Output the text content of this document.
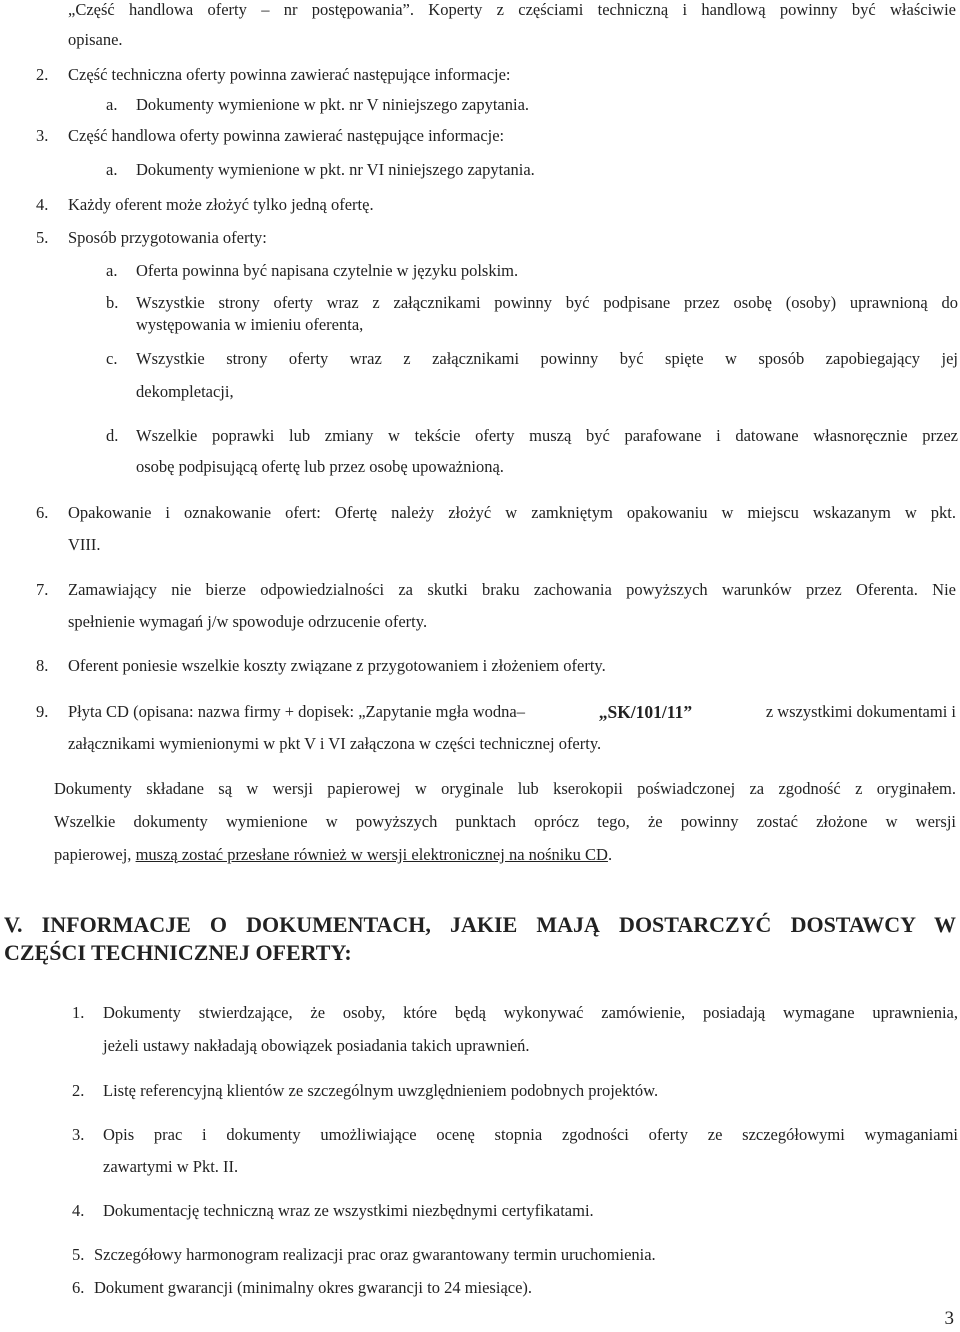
„Część handlowa oferty – nr postępowania”. Koperty z częściami techniczną i handlową powinny być właściwie
opisane.
2. Część techniczna oferty powinna zawierać następujące informacje:
a. Dokumenty wymienione w pkt. nr V niniejszego zapytania.
3. Część handlowa oferty powinna zawierać następujące informacje:
a. Dokumenty wymienione w pkt. nr VI niniejszego zapytania.
4. Każdy oferent może złożyć tylko jedną ofertę.
5. Sposób przygotowania oferty:
a. Oferta powinna być napisana czytelnie w języku polskim.
b. Wszystkie strony oferty wraz z załącznikami powinny być podpisane przez osobę (osoby) uprawnioną do
występowania w imieniu oferenta,
c. Wszystkie strony oferty wraz z załącznikami powinny być spięte w sposób zapobiegający jej
dekompletacji,
d. Wszelkie poprawki lub zmiany w tekście oferty muszą być parafowane i datowane własnoręcznie przez
osobę podpisującą ofertę lub przez osobę upoważnioną.
6. Opakowanie i oznakowanie ofert: Ofertę należy złożyć w zamkniętym opakowaniu w miejscu wskazanym w pkt.
VIII.
7. Zamawiający nie bierze odpowiedzialności za skutki braku zachowania powyższych warunków przez Oferenta. Nie
spełnienie wymagań j/w spowoduje odrzucenie oferty.
8. Oferent poniesie wszelkie koszty związane z przygotowaniem i złożeniem oferty.
9. Płyta CD (opisana: nazwa firmy + dopisek: „Zapytanie mgła wodna–	„SK/101/11”	z wszystkimi dokumentami i
załącznikami wymienionymi w pkt V i VI załączona w części technicznej oferty.
Dokumenty składane są w wersji papierowej w oryginale lub kserokopii poświadczonej za zgodność z oryginałem.
Wszelkie dokumenty wymienione w powyższych punktach oprócz tego, że powinny zostać złożone w wersji
papierowej, muszą zostać przesłane również w wersji elektronicznej na nośniku CD.
V. INFORMACJE O DOKUMENTACH, JAKIE MAJĄ DOSTARCZYĆ DOSTAWCY W
CZĘŚCI TECHNICZNEJ OFERTY:
1. Dokumenty stwierdzające, że osoby, które będą wykonywać zamówienie, posiadają wymagane uprawnienia,
jeżeli ustawy nakładają obowiązek posiadania takich uprawnień.
2. Listę referencyjną klientów ze szczególnym uwzględnieniem podobnych projektów.
3. Opis prac i dokumenty umożliwiające ocenę stopnia zgodności oferty ze szczegółowymi wymaganiami
zawartymi w Pkt. II.
4. Dokumentację techniczną wraz ze wszystkimi niezbędnymi certyfikatami.
5. Szczegółowy harmonogram realizacji prac oraz gwarantowany termin uruchomienia.
6. Dokument gwarancji (minimalny okres gwarancji to 24 miesiące).
3
